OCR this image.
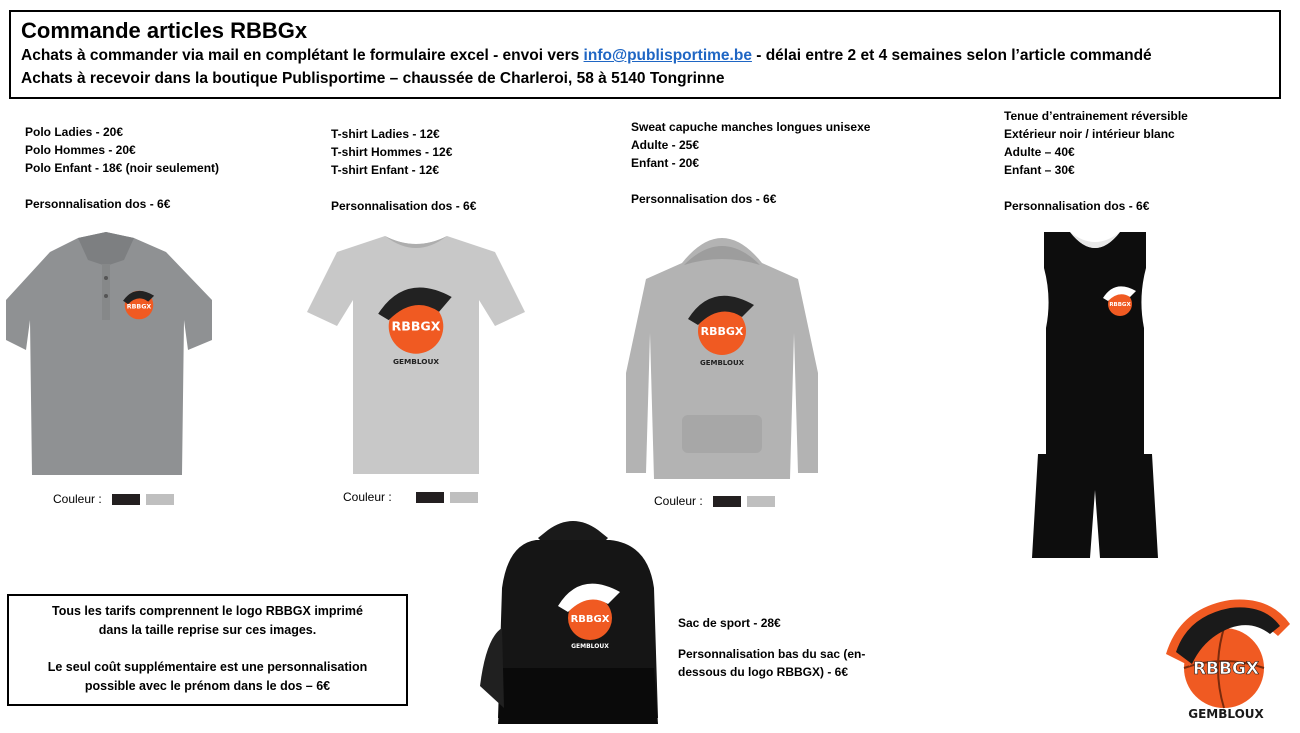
Commande articles RBBGx
Achats à commander via mail en complétant le formulaire excel - envoi vers info@publisportime.be - délai entre 2 et 4 semaines selon l’article commandé
Achats à recevoir dans la boutique Publisportime – chaussée de Charleroi, 58 à 5140 Tongrinne

Polo Ladies - 20€

Polo Hommes - 20€

Polo Enfant - 18€ (noir seulement)

Personnalisation dos - 6€

T-shirt Ladies - 12€

T-shirt Hommes - 12€

T-shirt Enfant - 12€

Personnalisation dos - 6€

Sweat capuche manches longues unisexe

Adulte - 25€

Enfant - 20€

Personnalisation dos - 6€

Tenue d’entrainement réversible

Extérieur noir / intérieur blanc

Adulte – 40€

Enfant – 30€

Personnalisation dos - 6€

RBBGX
RBBGX
GEMBLOUX
RBBGX
GEMBLOUX
RBBGX
Couleur :	Couleur :	Couleur :
RBBGX
GEMBLOUX

Sac de sport - 28€

Personnalisation bas du sac (en-

dessous du logo RBBGX) - 6€

Tous les tarifs comprennent le logo RBBGX imprimé

dans la taille reprise sur ces images.

Le seul coût supplémentaire est une personnalisation

possible avec le prénom dans le dos – 6€

RBBGX
GEMBLOUX
